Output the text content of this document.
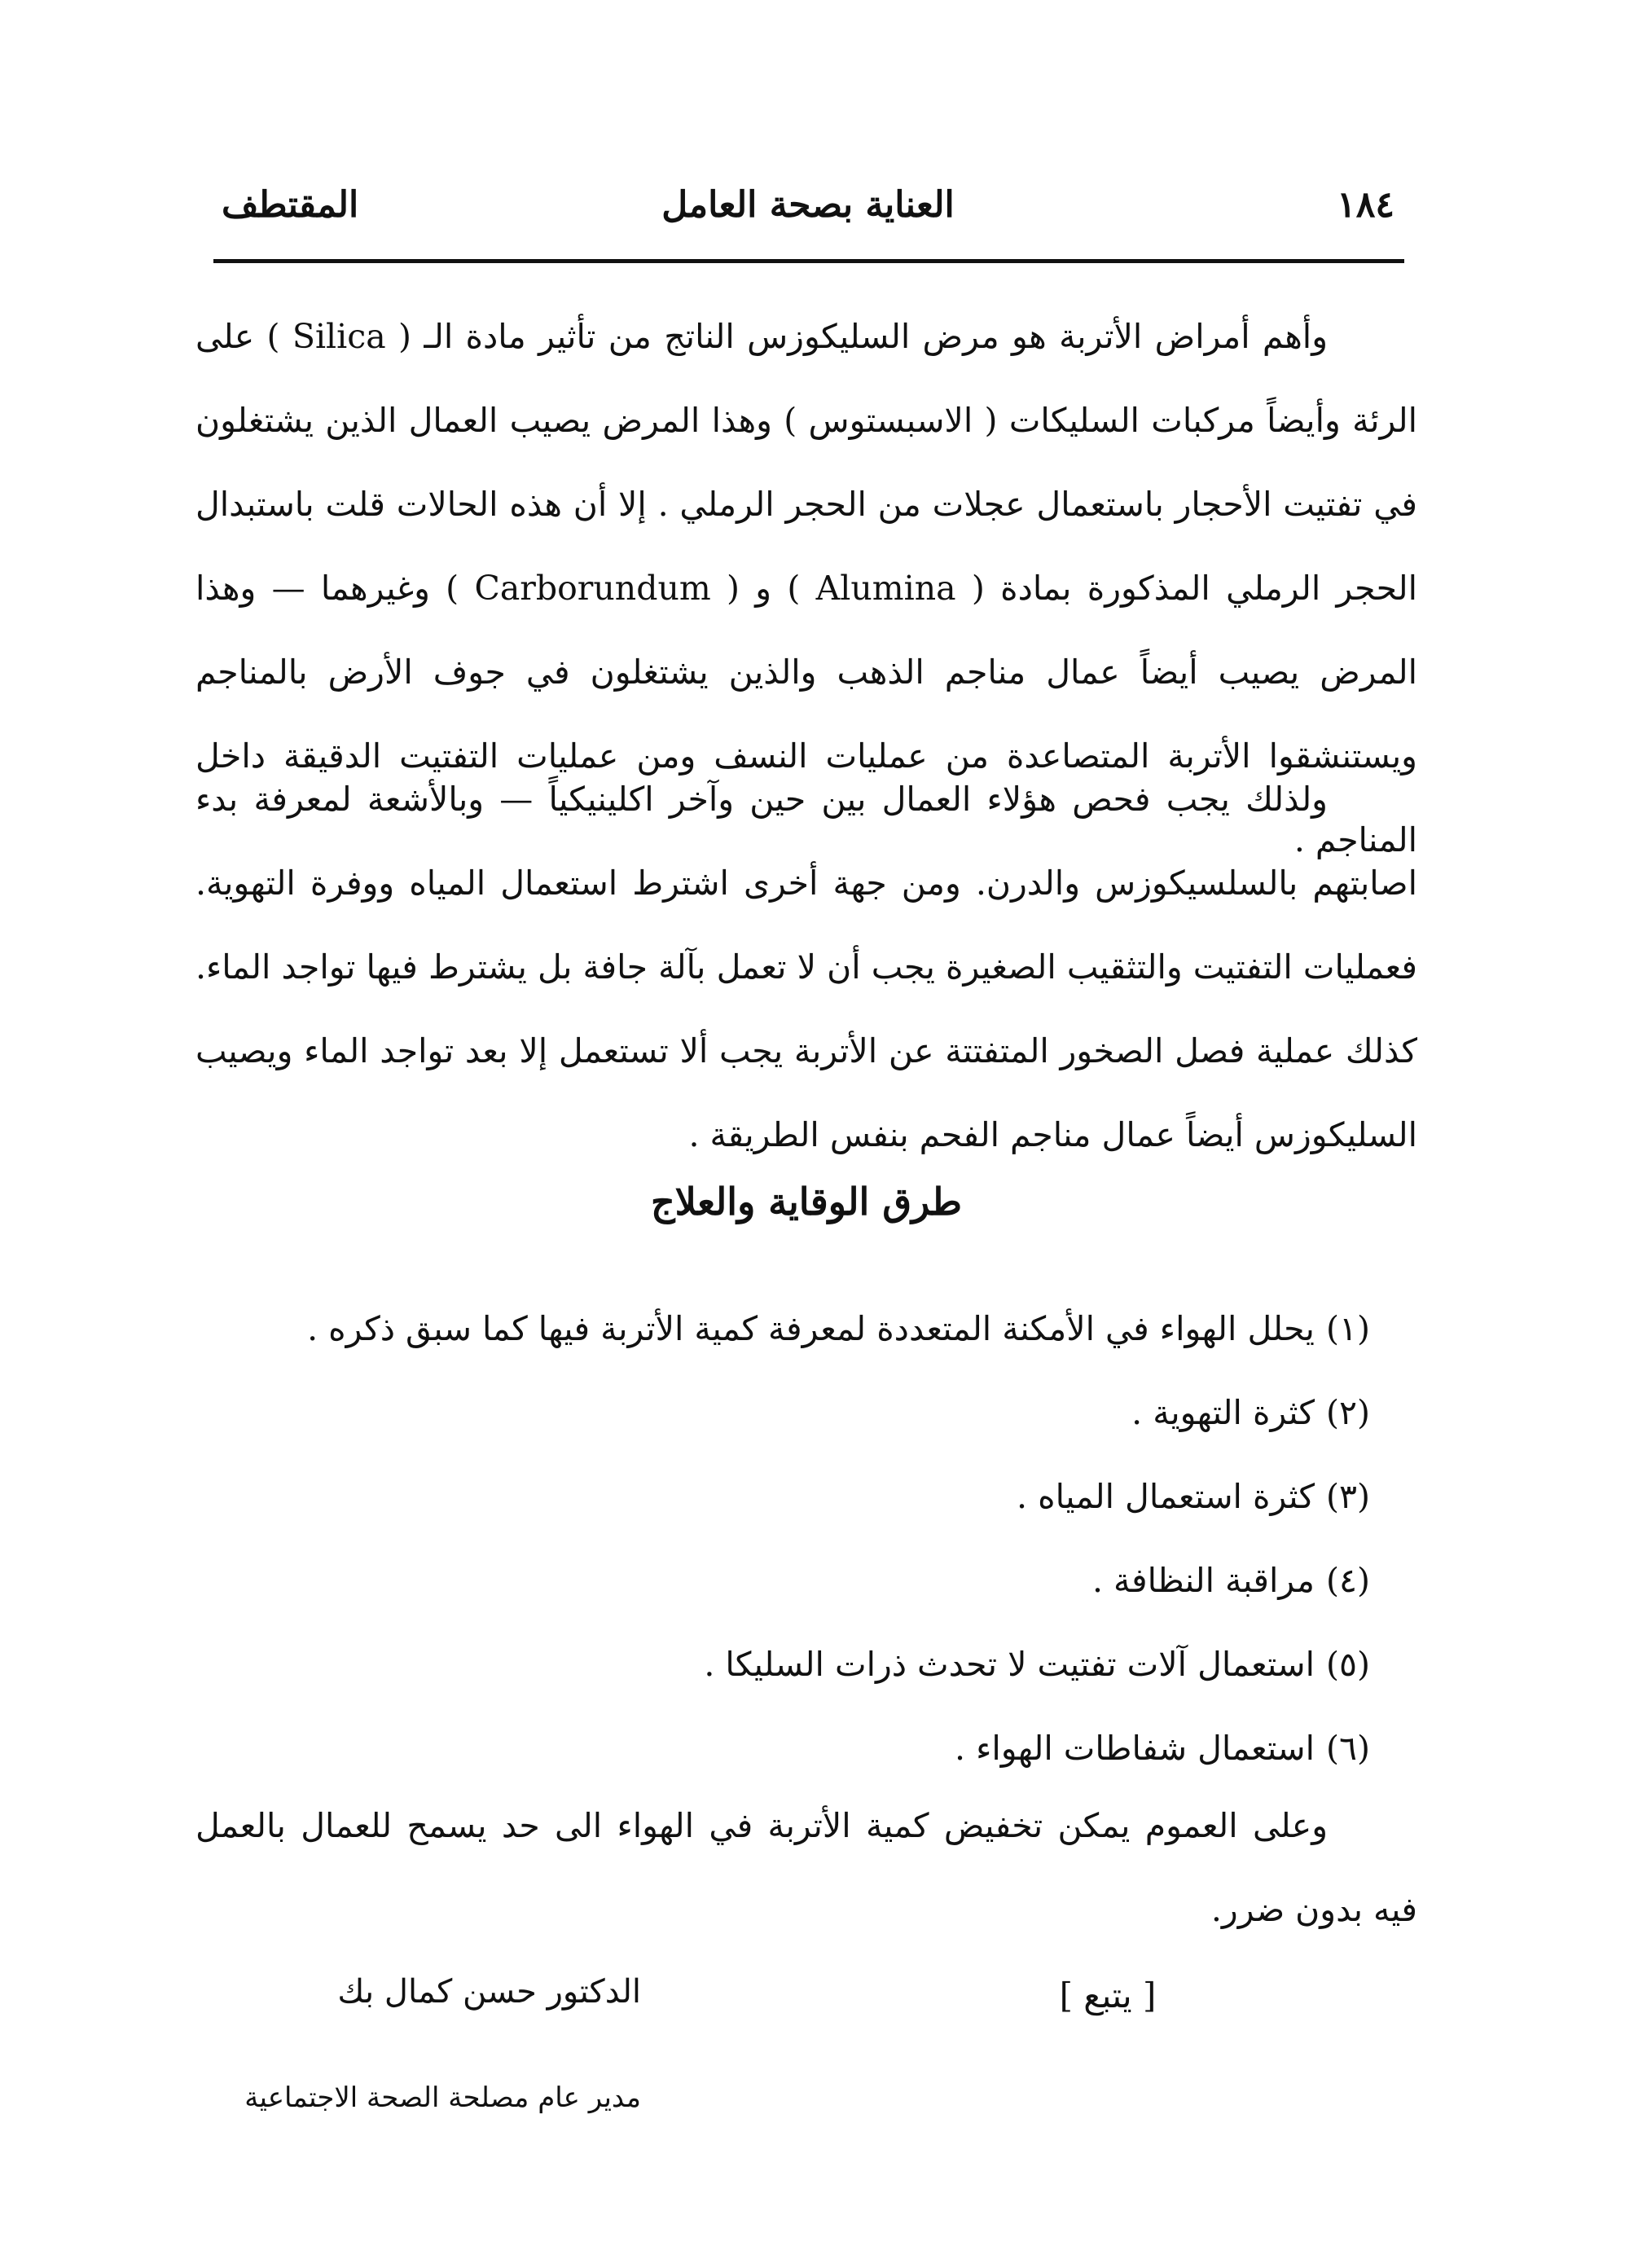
١٨٤
العناية بصحة العامل
المقتطف

وأهم أمراض الأتربة هو مرض السليكوزس الناتج من تأثير مادة الـ ( Silica ) على الرئة وأيضاً مركبات السليكات ( الاسبستوس ) وهذا المرض يصيب العمال الذين يشتغلون في تفتيت الأحجار باستعمال عجلات من الحجر الرملي . إلا أن هذه الحالات قلت باستبدال الحجر الرملي المذكورة بمادة ( Alumina ) و ( Carborundum ) وغيرهما — وهذا المرض يصيب أيضاً عمال مناجم الذهب والذين يشتغلون في جوف الأرض بالمناجم ويستنشقوا الأتربة المتصاعدة من عمليات النسف ومن عمليات التفتيت الدقيقة داخل المناجم .

ولذلك يجب فحص هؤلاء العمال بين حين وآخر اكلينيكياً — وبالأشعة لمعرفة بدء اصابتهم بالسلسيكوزس والدرن. ومن جهة أخرى اشترط استعمال المياه ووفرة التهوية. فعمليات التفتيت والتثقيب الصغيرة يجب أن لا تعمل بآلة جافة بل يشترط فيها تواجد الماء. كذلك عملية فصل الصخور المتفتتة عن الأتربة يجب ألا تستعمل إلا بعد تواجد الماء ويصيب السليكوزس أيضاً عمال مناجم الفحم بنفس الطريقة .

طرق الوقاية والعلاج
(١)يحلل الهواء في الأمكنة المتعددة لمعرفة كمية الأتربة فيها كما سبق ذكره .
(٢)كثرة التهوية .
(٣)كثرة استعمال المياه .
(٤)مراقبة النظافة .
(٥)استعمال آلات تفتيت لا تحدث ذرات السليكا .
(٦)استعمال شفاطات الهواء .

وعلى العموم يمكن تخفيض كمية الأتربة في الهواء الى حد يسمح للعمال بالعمل فيه بدون ضرر.

[ يتبع ]
الدكتور حسن كمال بك
مدير عام مصلحة الصحة الاجتماعية
